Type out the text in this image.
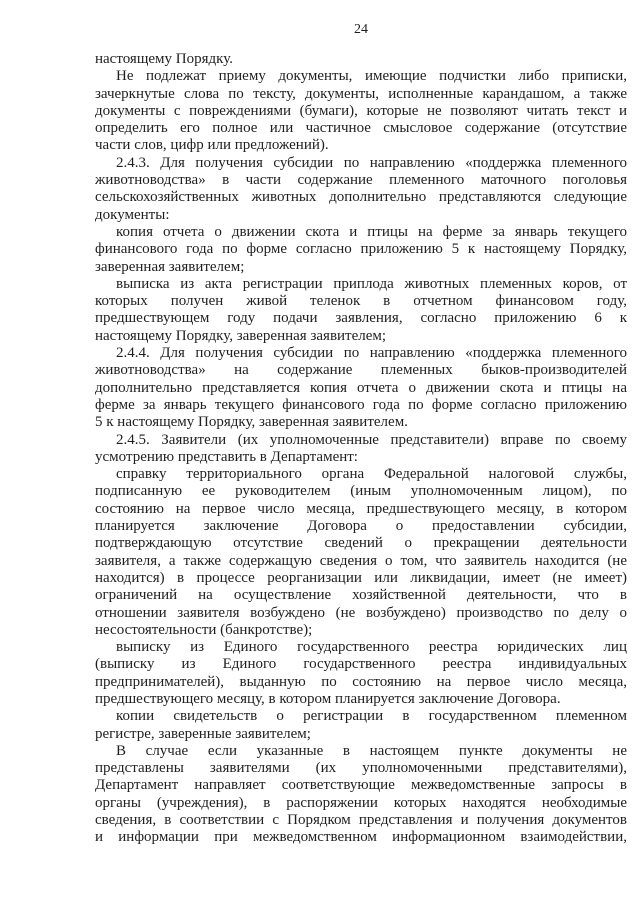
24
настоящему Порядку.
Не подлежат приему документы, имеющие подчистки либо приписки,
зачеркнутые слова по тексту, документы, исполненные карандашом, а также
документы с повреждениями (бумаги), которые не позволяют читать текст и
определить его полное или частичное смысловое содержание (отсутствие
части слов, цифр или предложений).
2.4.3. Для получения субсидии по направлению «поддержка племенного
животноводства» в части содержание племенного маточного поголовья
сельскохозяйственных животных дополнительно представляются следующие
документы:
копия отчета о движении скота и птицы на ферме за январь текущего
финансового года по форме согласно приложению 5 к настоящему Порядку,
заверенная заявителем;
выписка из акта регистрации приплода животных племенных коров, от
которых получен живой теленок в отчетном финансовом году,
предшествующем году подачи заявления, согласно приложению 6 к
настоящему Порядку, заверенная заявителем;
2.4.4. Для получения субсидии по направлению «поддержка племенного
животноводства» на содержание племенных быков-производителей
дополнительно представляется копия отчета о движении скота и птицы на
ферме за январь текущего финансового года по форме согласно приложению
5 к настоящему Порядку, заверенная заявителем.
2.4.5. Заявители (их уполномоченные представители) вправе по своему
усмотрению представить в Департамент:
справку территориального органа Федеральной налоговой службы,
подписанную ее руководителем (иным уполномоченным лицом), по
состоянию на первое число месяца, предшествующего месяцу, в котором
планируется заключение Договора о предоставлении субсидии,
подтверждающую отсутствие сведений о прекращении деятельности
заявителя, а также содержащую сведения о том, что заявитель находится (не
находится) в процессе реорганизации или ликвидации, имеет (не имеет)
ограничений на осуществление хозяйственной деятельности, что в
отношении заявителя возбуждено (не возбуждено) производство по делу о
несостоятельности (банкротстве);
выписку из Единого государственного реестра юридических лиц
(выписку из Единого государственного реестра индивидуальных
предпринимателей), выданную по состоянию на первое число месяца,
предшествующего месяцу, в котором планируется заключение Договора.
копии свидетельств о регистрации в государственном племенном
регистре, заверенные заявителем;
В случае если указанные в настоящем пункте документы не
представлены заявителями (их уполномоченными представителями),
Департамент направляет соответствующие межведомственные запросы в
органы (учреждения), в распоряжении которых находятся необходимые
сведения, в соответствии с Порядком представления и получения документов
и информации при межведомственном информационном взаимодействии,
